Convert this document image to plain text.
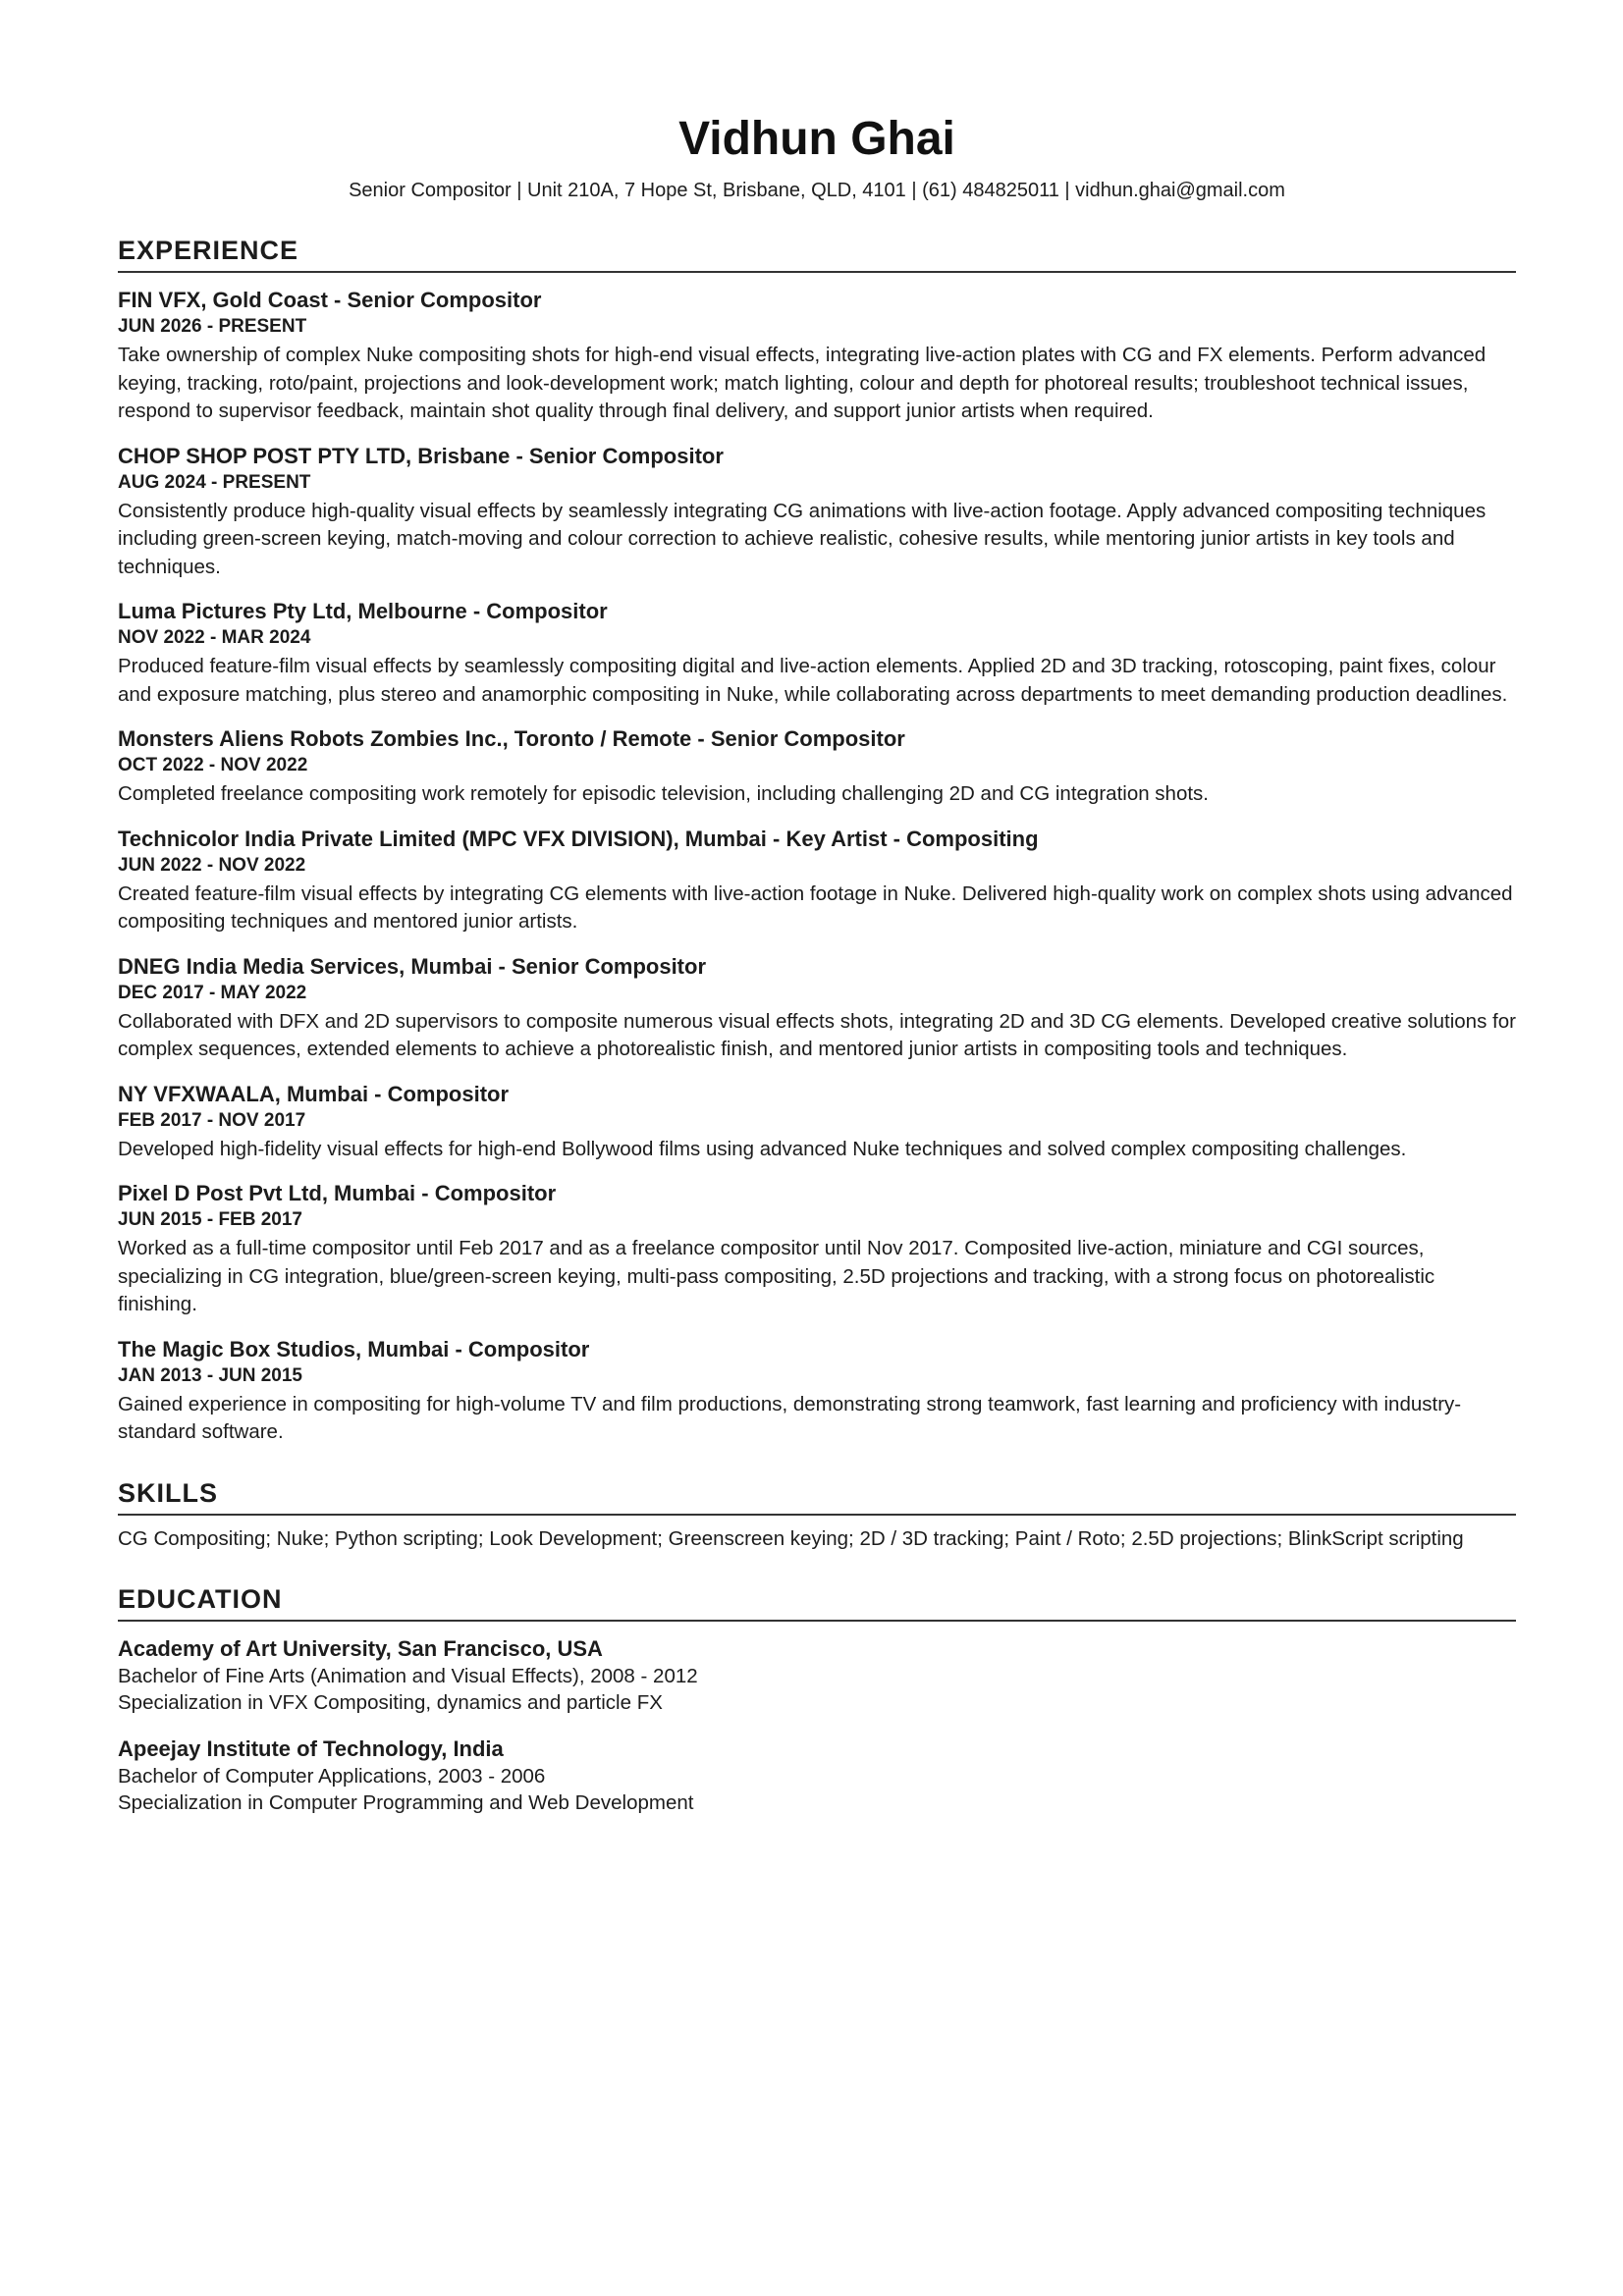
Vidhun Ghai

Senior Compositor | Unit 210A, 7 Hope St, Brisbane, QLD, 4101 | (61) 484825011 | vidhun.ghai@gmail.com

EXPERIENCE

FIN VFX, Gold Coast - Senior Compositor

JUN 2026 - PRESENT

Take ownership of complex Nuke compositing shots for high-end visual effects, integrating live-action plates with CG and FX elements. Perform advanced keying, tracking, roto/paint, projections and look-development work; match lighting, colour and depth for photoreal results; troubleshoot technical issues, respond to supervisor feedback, maintain shot quality through final delivery, and support junior artists when required.

CHOP SHOP POST PTY LTD, Brisbane - Senior Compositor

AUG 2024 - PRESENT

Consistently produce high-quality visual effects by seamlessly integrating CG animations with live-action footage. Apply advanced compositing techniques including green-screen keying, match-moving and colour correction to achieve realistic, cohesive results, while mentoring junior artists in key tools and techniques.

Luma Pictures Pty Ltd, Melbourne - Compositor

NOV 2022 - MAR 2024

Produced feature-film visual effects by seamlessly compositing digital and live-action elements. Applied 2D and 3D tracking, rotoscoping, paint fixes, colour and exposure matching, plus stereo and anamorphic compositing in Nuke, while collaborating across departments to meet demanding production deadlines.

Monsters Aliens Robots Zombies Inc., Toronto / Remote - Senior Compositor

OCT 2022 - NOV 2022

Completed freelance compositing work remotely for episodic television, including challenging 2D and CG integration shots.

Technicolor India Private Limited (MPC VFX DIVISION), Mumbai - Key Artist - Compositing

JUN 2022 - NOV 2022

Created feature-film visual effects by integrating CG elements with live-action footage in Nuke. Delivered high-quality work on complex shots using advanced compositing techniques and mentored junior artists.

DNEG India Media Services, Mumbai - Senior Compositor

DEC 2017 - MAY 2022

Collaborated with DFX and 2D supervisors to composite numerous visual effects shots, integrating 2D and 3D CG elements. Developed creative solutions for complex sequences, extended elements to achieve a photorealistic finish, and mentored junior artists in compositing tools and techniques.

NY VFXWAALA, Mumbai - Compositor

FEB 2017 - NOV 2017

Developed high-fidelity visual effects for high-end Bollywood films using advanced Nuke techniques and solved complex compositing challenges.

Pixel D Post Pvt Ltd, Mumbai - Compositor

JUN 2015 - FEB 2017

Worked as a full-time compositor until Feb 2017 and as a freelance compositor until Nov 2017. Composited live-action, miniature and CGI sources, specializing in CG integration, blue/green-screen keying, multi-pass compositing, 2.5D projections and tracking, with a strong focus on photorealistic finishing.

The Magic Box Studios, Mumbai - Compositor

JAN 2013 - JUN 2015

Gained experience in compositing for high-volume TV and film productions, demonstrating strong teamwork, fast learning and proficiency with industry-standard software.

SKILLS

CG Compositing; Nuke; Python scripting; Look Development; Greenscreen keying; 2D / 3D tracking; Paint / Roto; 2.5D projections; BlinkScript scripting

EDUCATION

Academy of Art University, San Francisco, USA

Bachelor of Fine Arts (Animation and Visual Effects), 2008 - 2012

Specialization in VFX Compositing, dynamics and particle FX

Apeejay Institute of Technology, India

Bachelor of Computer Applications, 2003 - 2006

Specialization in Computer Programming and Web Development
